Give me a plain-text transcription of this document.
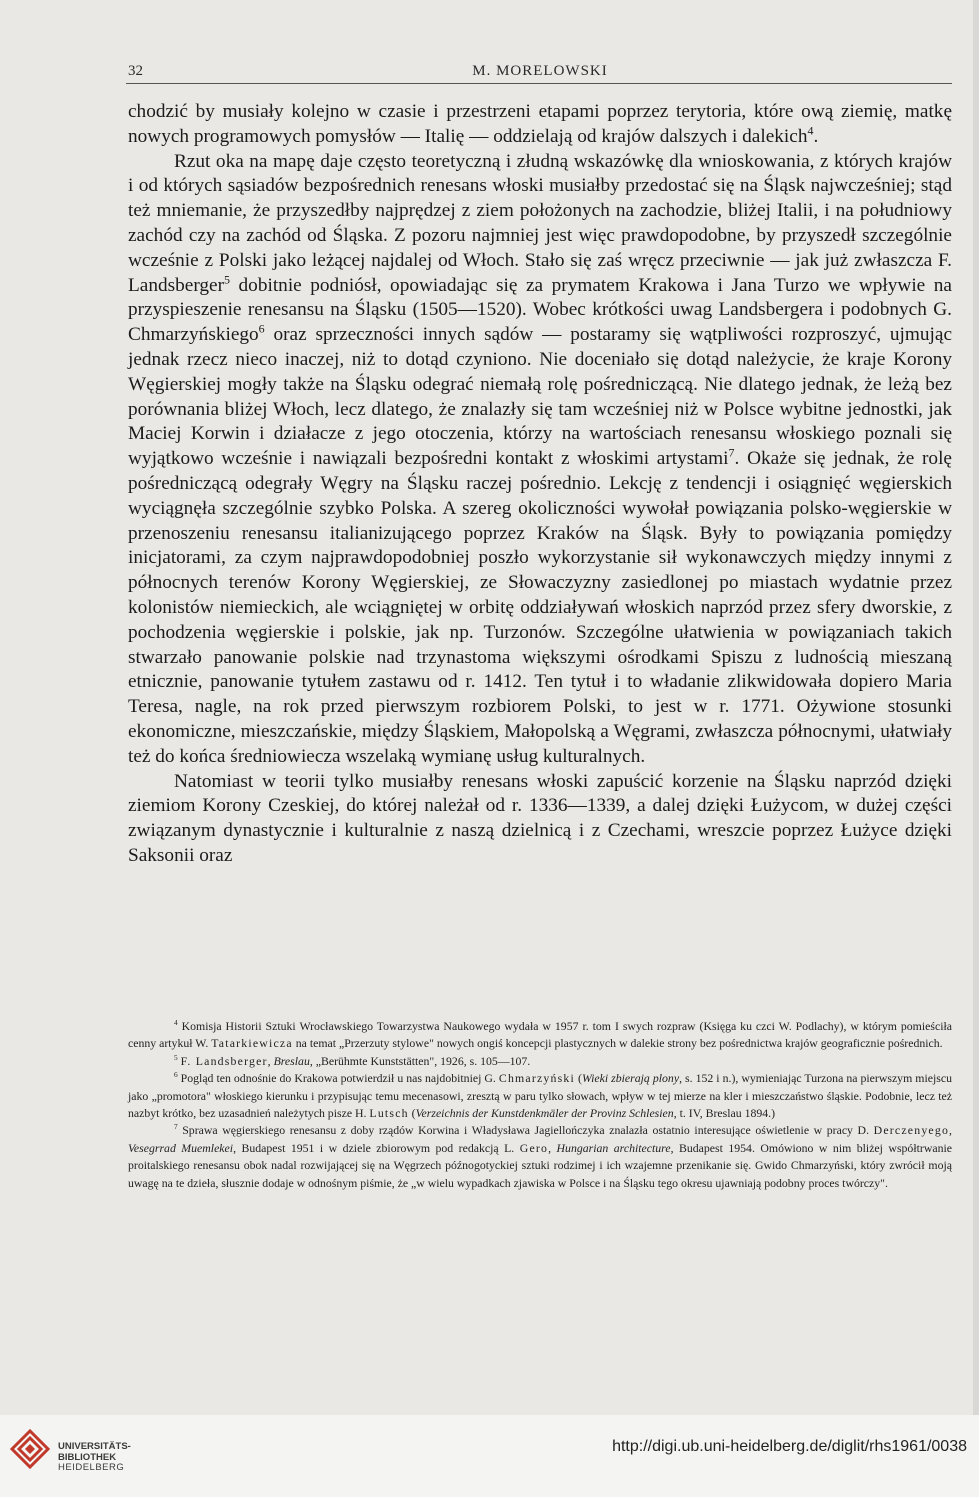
32	M. MORELOWSKI

chodzić by musiały kolejno w czasie i przestrzeni etapami poprzez terytoria, które ową ziemię, matkę nowych programowych pomysłów — Italię — oddzielają od krajów dalszych i dalekich$^4$.

Rzut oka na mapę daje często teoretyczną i złudną wskazówkę dla wnioskowania, z których krajów i od których sąsiadów bezpośrednich renesans włoski musiałby przedostać się na Śląsk najwcześniej; stąd też mniemanie, że przyszedłby najprędzej z ziem położonych na zachodzie, bliżej Italii, i na południowy zachód czy na zachód od Śląska. Z pozoru najmniej jest więc prawdopodobne, by przyszedł szczególnie wcześnie z Polski jako leżącej najdalej od Włoch. Stało się zaś wręcz przeciwnie — jak już zwłaszcza F. Landsberger$^5$ dobitnie podniósł, opowiadając się za prymatem Krakowa i Jana Turzo we wpływie na przyspieszenie renesansu na Śląsku (1505—1520). Wobec krótkości uwag Landsbergera i podobnych G. Chmarzyńskiego$^6$ oraz sprzeczności innych sądów — postaramy się wątpliwości rozproszyć, ujmując jednak rzecz nieco inaczej, niż to dotąd czyniono. Nie doceniało się dotąd należycie, że kraje Korony Węgierskiej mogły także na Śląsku odegrać niemałą rolę pośredniczącą. Nie dlatego jednak, że leżą bez porównania bliżej Włoch, lecz dlatego, że znalazły się tam wcześniej niż w Polsce wybitne jednostki, jak Maciej Korwin i działacze z jego otoczenia, którzy na wartościach renesansu włoskiego poznali się wyjątkowo wcześnie i nawiązali bezpośredni kontakt z włoskimi artystami$^7$. Okaże się jednak, że rolę pośredniczącą odegrały Węgry na Śląsku raczej pośrednio. Lekcję z tendencji i osiągnięć węgierskich wyciągnęła szczególnie szybko Polska. A szereg okoliczności wywołał powiązania polsko-węgierskie w przenoszeniu renesansu italianizującego poprzez Kraków na Śląsk. Były to powiązania pomiędzy inicjatorami, za czym najprawdopodobniej poszło wykorzystanie sił wykonawczych między innymi z północnych terenów Korony Węgierskiej, ze Słowaczyzny zasiedlonej po miastach wydatnie przez kolonistów niemieckich, ale wciągniętej w orbitę oddziaływań włoskich naprzód przez sfery dworskie, z pochodzenia węgierskie i polskie, jak np. Turzonów. Szczególne ułatwienia w powiązaniach takich stwarzało panowanie polskie nad trzynastoma większymi ośrodkami Spiszu z ludnością mieszaną etnicznie, panowanie tytułem zastawu od r. 1412. Ten tytuł i to władanie zlikwidowała dopiero Maria Teresa, nagle, na rok przed pierwszym rozbiorem Polski, to jest w r. 1771. Ożywione stosunki ekonomiczne, mieszczańskie, między Śląskiem, Małopolską a Węgrami, zwłaszcza północnymi, ułatwiały też do końca średniowiecza wszelaką wymianę usług kulturalnych.

Natomiast w teorii tylko musiałby renesans włoski zapuścić korzenie na Śląsku naprzód dzięki ziemiom Korony Czeskiej, do której należał od r. 1336—1339, a dalej dzięki Łużycom, w dużej części związanym dynastycznie i kulturalnie z naszą dzielnicą i z Czechami, wreszcie poprzez Łużyce dzięki Saksonii oraz

$^4$ Komisja Historii Sztuki Wrocławskiego Towarzystwa Naukowego wydała w 1957 r. tom I swych rozpraw (Księga ku czci W. Podlachy), w którym pomieściła cenny artykuł W. Tatarkiewicza na temat „Przerzuty stylowe" nowych ongiś koncepcji plastycznych w dalekie strony bez pośrednictwa krajów geograficznie pośrednich.

$^5$ F. Landsberger, Breslau, „Berühmte Kunststätten", 1926, s. 105—107.

$^6$ Pogląd ten odnośnie do Krakowa potwierdził u nas najdobitniej G. Chmarzyński (Wieki zbierają plony, s. 152 i n.), wymieniając Turzona na pierwszym miejscu jako „promotora" włoskiego kierunku i przypisując temu mecenasowi, zresztą w paru tylko słowach, wpływ w tej mierze na kler i mieszczaństwo śląskie. Podobnie, lecz też nazbyt krótko, bez uzasadnień należytych pisze H. Lutsch (Verzeichnis der Kunstdenkmäler der Provinz Schlesien, t. IV, Breslau 1894.)

$^7$ Sprawa węgierskiego renesansu z doby rządów Korwina i Władysława Jagiellończyka znalazła ostatnio interesujące oświetlenie w pracy D. Derczenyego, Vesegrrad Muemlekei, Budapest 1951 i w dziele zbiorowym pod redakcją L. Gero, Hungarian architecture, Budapest 1954. Omówiono w nim bliżej współtrwanie proitalskiego renesansu obok nadal rozwijającej się na Węgrzech późnogotyckiej sztuki rodzimej i ich wzajemne przenikanie się. Gwido Chmarzyński, który zwrócił moją uwagę na te dzieła, słusznie dodaje w odnośnym piśmie, że „w wielu wypadkach zjawiska w Polsce i na Śląsku tego okresu ujawniają podobny proces twórczy".

UNIVERSITÄTS-
BIBLIOTHEK
HEIDELBERG
http://digi.ub.uni-heidelberg.de/diglit/rhs1961/0038
